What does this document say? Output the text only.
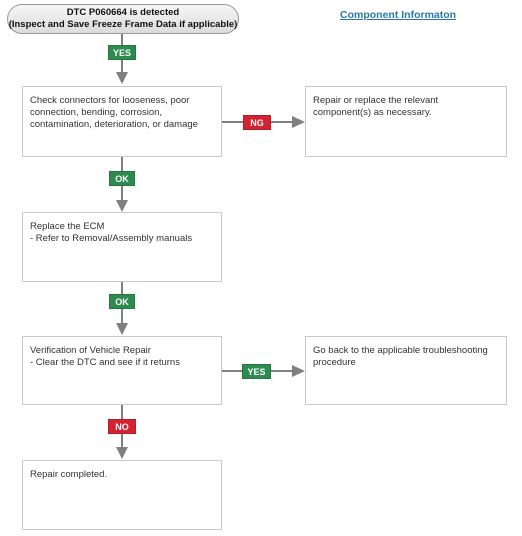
DTC P060664 is detected
(Inspect and Save Freeze Frame Data if applicable)
Component Informaton
Check connectors for looseness, poor
connection, bending, corrosion,
contamination, deterioration, or damage
Repair or replace the relevant
component(s) as necessary.
Replace the ECM
- Refer to Removal/Assembly manuals
Verification of Vehicle Repair
- Clear the DTC and see if it returns
Go back to the applicable troubleshooting
procedure
Repair completed.
YES
NG
OK
OK
YES
NO
